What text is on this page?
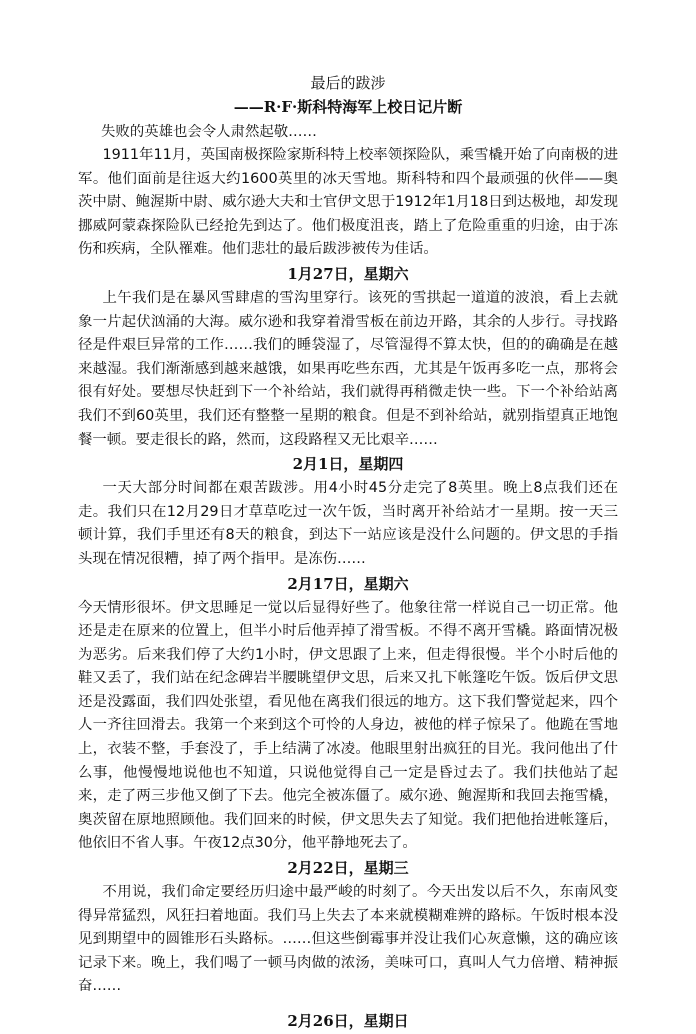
最后的跋涉

——R·F·斯科特海军上校日记片断

失败的英雄也会令人肃然起敬……

1911年11月，英国南极探险家斯科特上校率领探险队，乘雪橇开始了向南极的进军。他们面前是往返大约1600英里的冰天雪地。斯科特和四个最顽强的伙伴——奥茨中尉、鲍渥斯中尉、威尔逊大夫和士官伊文思于1912年1月18日到达极地，却发现挪威阿蒙森探险队已经抢先到达了。他们极度沮丧，踏上了危险重重的归途，由于冻伤和疾病，全队罹难。他们悲壮的最后跋涉被传为佳话。

1月27日，星期六

上午我们是在暴风雪肆虐的雪沟里穿行。该死的雪拱起一道道的波浪，看上去就象一片起伏汹涌的大海。威尔逊和我穿着滑雪板在前边开路，其余的人步行。寻找路径是件艰巨异常的工作……我们的睡袋湿了，尽管湿得不算太快，但的的确确是在越来越湿。我们渐渐感到越来越饿，如果再吃些东西，尤其是午饭再多吃一点，那将会很有好处。要想尽快赶到下一个补给站，我们就得再稍微走快一些。下一个补给站离我们不到60英里，我们还有整整一星期的粮食。但是不到补给站，就别指望真正地饱餐一顿。要走很长的路，然而，这段路程又无比艰辛……

2月1日，星期四

一天大部分时间都在艰苦跋涉。用4小时45分走完了8英里。晚上8点我们还在走。我们只在12月29日才草草吃过一次午饭，当时离开补给站才一星期。按一天三顿计算，我们手里还有8天的粮食，到达下一站应该是没什么问题的。伊文思的手指头现在情况很糟，掉了两个指甲。是冻伤……

2月17日，星期六

今天情形很坏。伊文思睡足一觉以后显得好些了。他象往常一样说自己一切正常。他还是走在原来的位置上，但半小时后他弄掉了滑雪板。不得不离开雪橇。路面情况极为恶劣。后来我们停了大约1小时，伊文思跟了上来，但走得很慢。半个小时后他的鞋又丢了，我们站在纪念碑岩半腰眺望伊文思，后来又扎下帐篷吃午饭。饭后伊文思还是没露面，我们四处张望，看见他在离我们很远的地方。这下我们警觉起来，四个人一齐往回滑去。我第一个来到这个可怜的人身边，被他的样子惊呆了。他跪在雪地上，衣装不整，手套没了，手上结满了冰凌。他眼里射出疯狂的目光。我问他出了什么事，他慢慢地说他也不知道，只说他觉得自己一定是昏过去了。我们扶他站了起来，走了两三步他又倒了下去。他完全被冻僵了。威尔逊、鲍渥斯和我回去拖雪橇，奥茨留在原地照顾他。我们回来的时候，伊文思失去了知觉。我们把他抬进帐篷后，他依旧不省人事。午夜12点30分，他平静地死去了。

2月22日，星期三

不用说，我们命定要经历归途中最严峻的时刻了。今天出发以后不久，东南风变得异常猛烈，风狂扫着地面。我们马上失去了本来就模糊难辨的路标。午饭时根本没见到期望中的圆锥形石头路标。……但这些倒霉事并没让我们心灰意懒，这的确应该记录下来。晚上，我们喝了一顿马肉做的浓汤，美味可口，真叫人气力倍增、精神振奋……

2月26日，星期日
